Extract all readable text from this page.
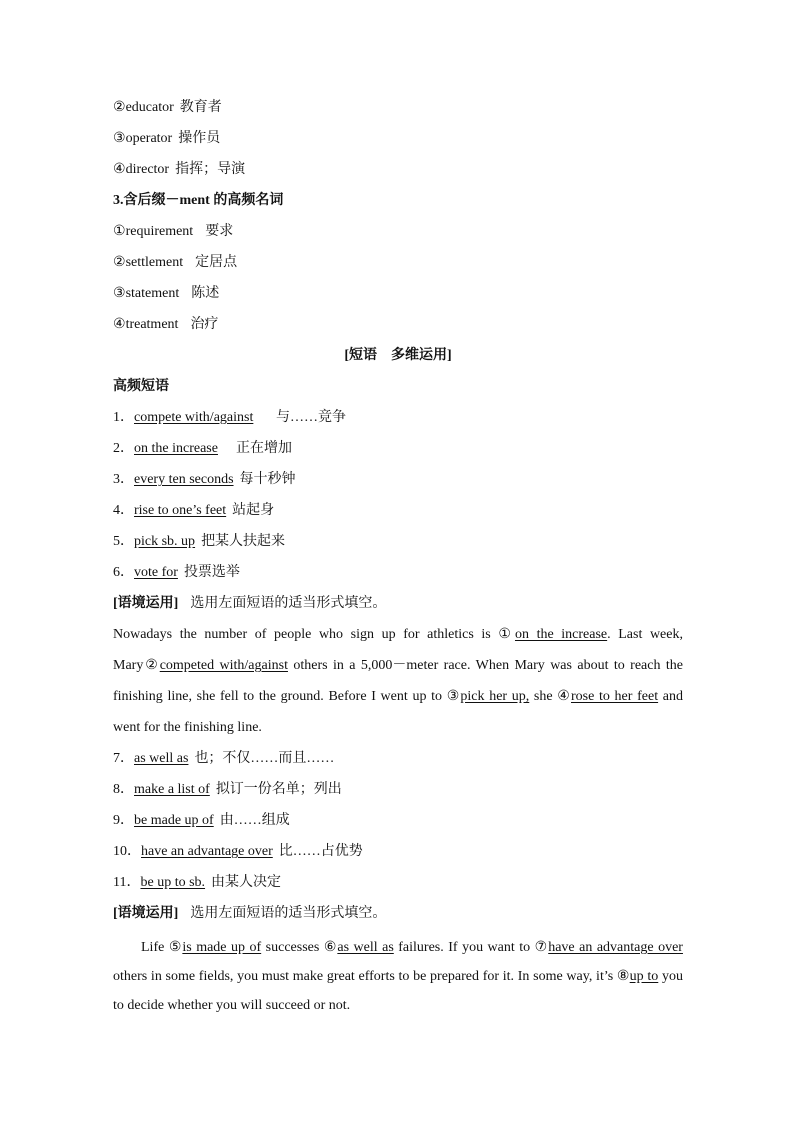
②educator 教育者
③operator 操作员
④director 指挥；导演
3.含后缀－ment 的高频名词
①requirement 要求
②settlement 定居点
③statement 陈述
④treatment 治疗
[短语　多维运用]
高频短语
1．compete with/against 与……竞争
2．on the increase 正在增加
3．every ten seconds 每十秒钟
4．rise to one’s feet 站起身
5．pick sb. up 把某人扶起来
6．vote for 投票选举
[语境运用] 选用左面短语的适当形式填空。
Nowadays the number of people who sign up for athletics is ①on the increase. Last week, Mary②competed with/against others in a 5,000－meter race. When Mary was about to reach the finishing line, she fell to the ground. Before I went up to ③pick her up, she ④rose to her feet and went for the finishing line.
7．as well as 也；不仅……而且……
8．make a list of 拟订一份名单；列出
9．be made up of 由……组成
10．have an advantage over 比……占优势
11．be up to sb. 由某人决定
[语境运用] 选用左面短语的适当形式填空。
Life ⑤is made up of successes ⑥as well as failures. If you want to ⑦have an advantage over others in some fields, you must make great efforts to be prepared for it. In some way, it’s ⑧up to you to decide whether you will succeed or not.
